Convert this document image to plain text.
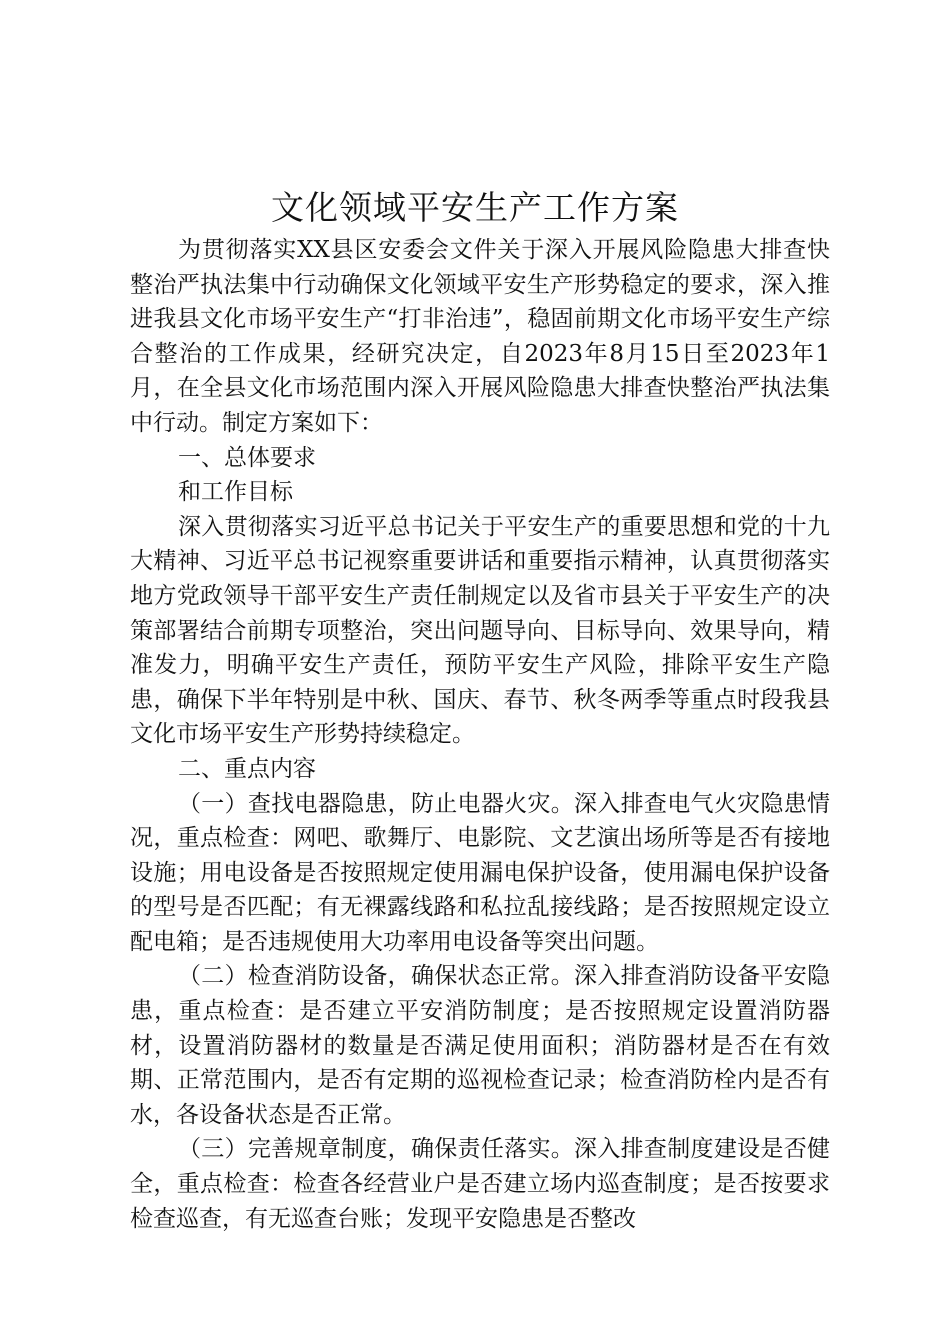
文化领域平安生产工作方案

为贯彻落实XX县区安委会文件关于深入开展风险隐患大排查快整治严执法集中行动确保文化领域平安生产形势稳定的要求，深入推进我县文化市场平安生产“打非治违”，稳固前期文化市场平安生产综合整治的工作成果，经研究决定，自2023年8月15日至2023年1月，在全县文化市场范围内深入开展风险隐患大排查快整治严执法集中行动。制定方案如下：

一、总体要求

和工作目标

深入贯彻落实习近平总书记关于平安生产的重要思想和党的十九大精神、习近平总书记视察重要讲话和重要指示精神，认真贯彻落实地方党政领导干部平安生产责任制规定以及省市县关于平安生产的决策部署结合前期专项整治，突出问题导向、目标导向、效果导向，精准发力，明确平安生产责任，预防平安生产风险，排除平安生产隐患，确保下半年特别是中秋、国庆、春节、秋冬两季等重点时段我县文化市场平安生产形势持续稳定。

二、重点内容

（一）查找电器隐患，防止电器火灾。深入排查电气火灾隐患情况，重点检查：网吧、歌舞厅、电影院、文艺演出场所等是否有接地设施；用电设备是否按照规定使用漏电保护设备，使用漏电保护设备的型号是否匹配；有无裸露线路和私拉乱接线路；是否按照规定设立配电箱；是否违规使用大功率用电设备等突出问题。

（二）检查消防设备，确保状态正常。深入排查消防设备平安隐患，重点检查：是否建立平安消防制度；是否按照规定设置消防器材，设置消防器材的数量是否满足使用面积；消防器材是否在有效期、正常范围内，是否有定期的巡视检查记录；检查消防栓内是否有水，各设备状态是否正常。

（三）完善规章制度，确保责任落实。深入排查制度建设是否健全，重点检查：检查各经营业户是否建立场内巡查制度；是否按要求检查巡查，有无巡查台账；发现平安隐患是否整改
